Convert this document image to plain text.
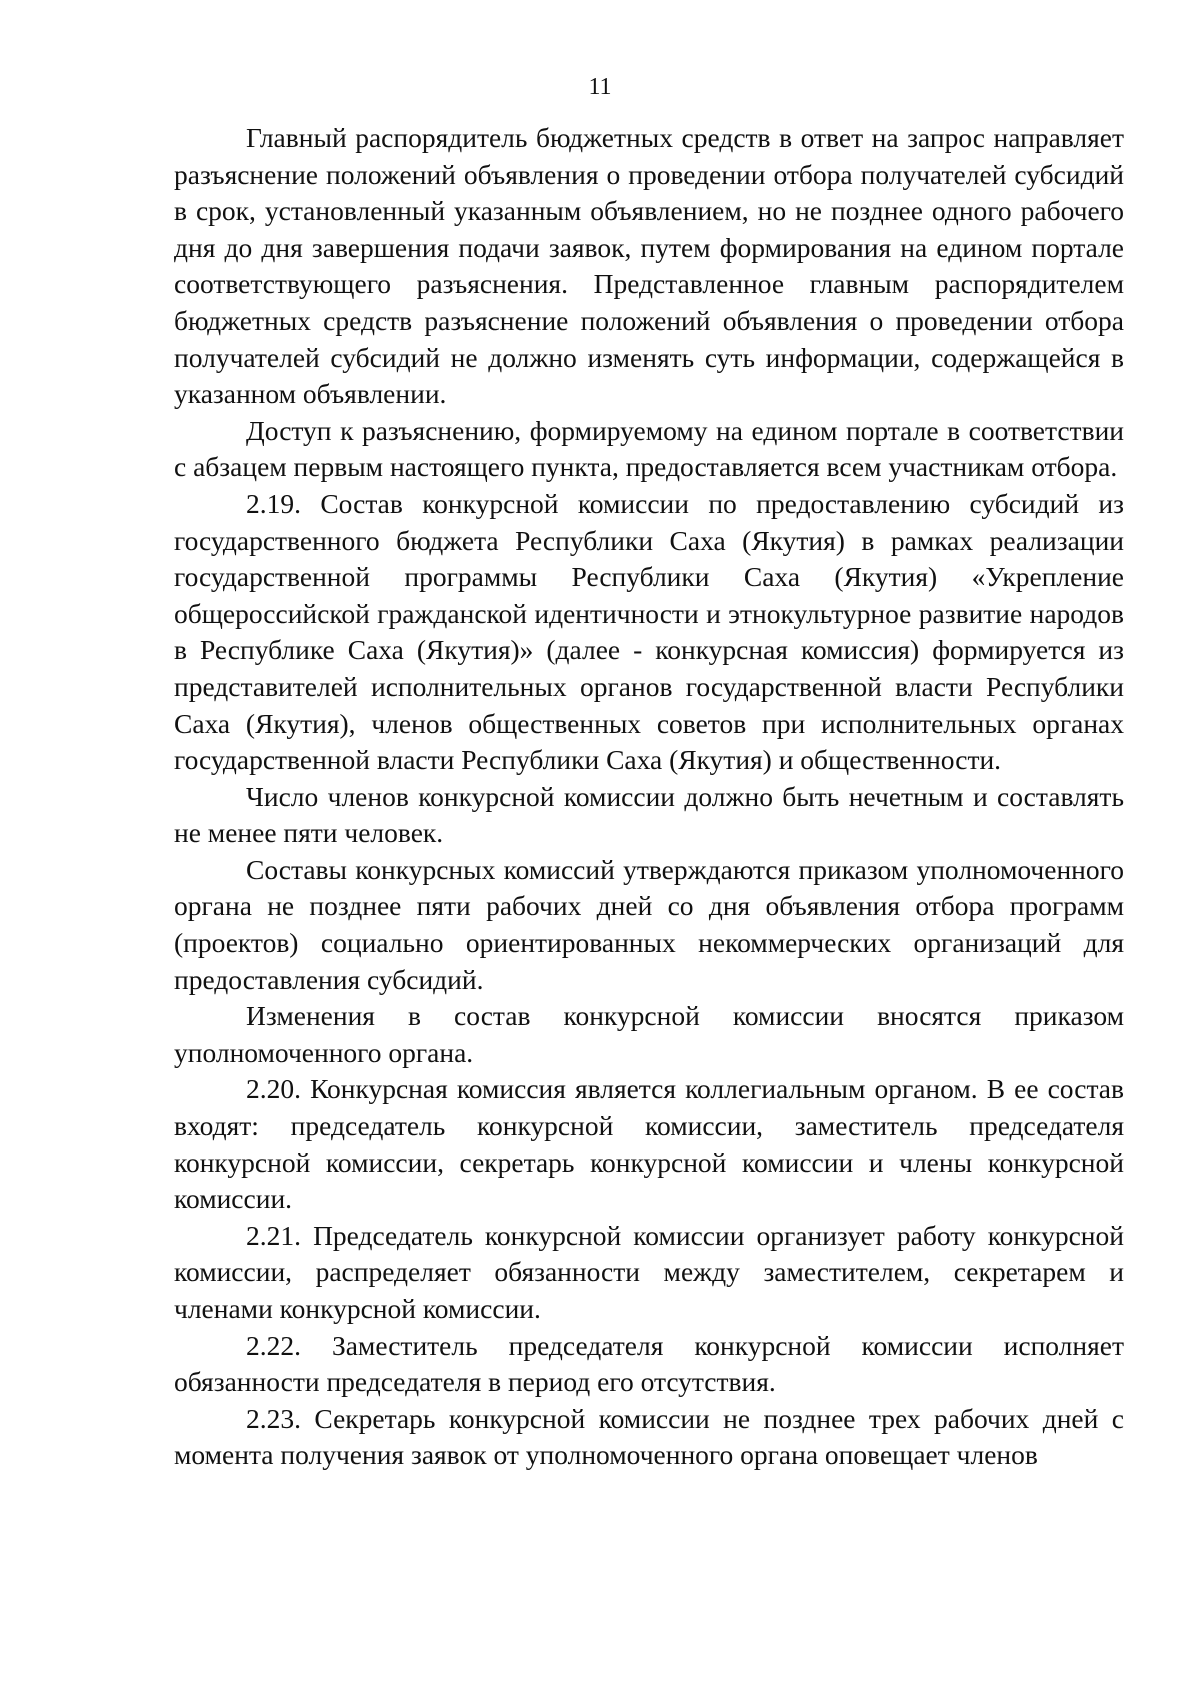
11

Главный распорядитель бюджетных средств в ответ на запрос направляет разъяснение положений объявления о проведении отбора получателей субсидий в срок, установленный указанным объявлением, но не позднее одного рабочего дня до дня завершения подачи заявок, путем формирования на едином портале соответствующего разъяснения. Представленное главным распорядителем бюджетных средств разъяснение положений объявления о проведении отбора получателей субсидий не должно изменять суть информации, содержащейся в указанном объявлении.

Доступ к разъяснению, формируемому на едином портале в соответствии с абзацем первым настоящего пункта, предоставляется всем участникам отбора.

2.19. Состав конкурсной комиссии по предоставлению субсидий из государственного бюджета Республики Саха (Якутия) в рамках реализации государственной программы Республики Саха (Якутия) «Укрепление общероссийской гражданской идентичности и этнокультурное развитие народов в Республике Саха (Якутия)» (далее - конкурсная комиссия) формируется из представителей исполнительных органов государственной власти Республики Саха (Якутия), членов общественных советов при исполнительных органах государственной власти Республики Саха (Якутия) и общественности.

Число членов конкурсной комиссии должно быть нечетным и составлять не менее пяти человек.

Составы конкурсных комиссий утверждаются приказом уполномоченного органа не позднее пяти рабочих дней со дня объявления отбора программ (проектов) социально ориентированных некоммерческих организаций для предоставления субсидий.

Изменения в состав конкурсной комиссии вносятся приказом уполномоченного органа.

2.20. Конкурсная комиссия является коллегиальным органом. В ее состав входят: председатель конкурсной комиссии, заместитель председателя конкурсной комиссии, секретарь конкурсной комиссии и члены конкурсной комиссии.

2.21. Председатель конкурсной комиссии организует работу конкурсной комиссии, распределяет обязанности между заместителем, секретарем и членами конкурсной комиссии.

2.22. Заместитель председателя конкурсной комиссии исполняет обязанности председателя в период его отсутствия.

2.23. Секретарь конкурсной комиссии не позднее трех рабочих дней с момента получения заявок от уполномоченного органа оповещает членов
